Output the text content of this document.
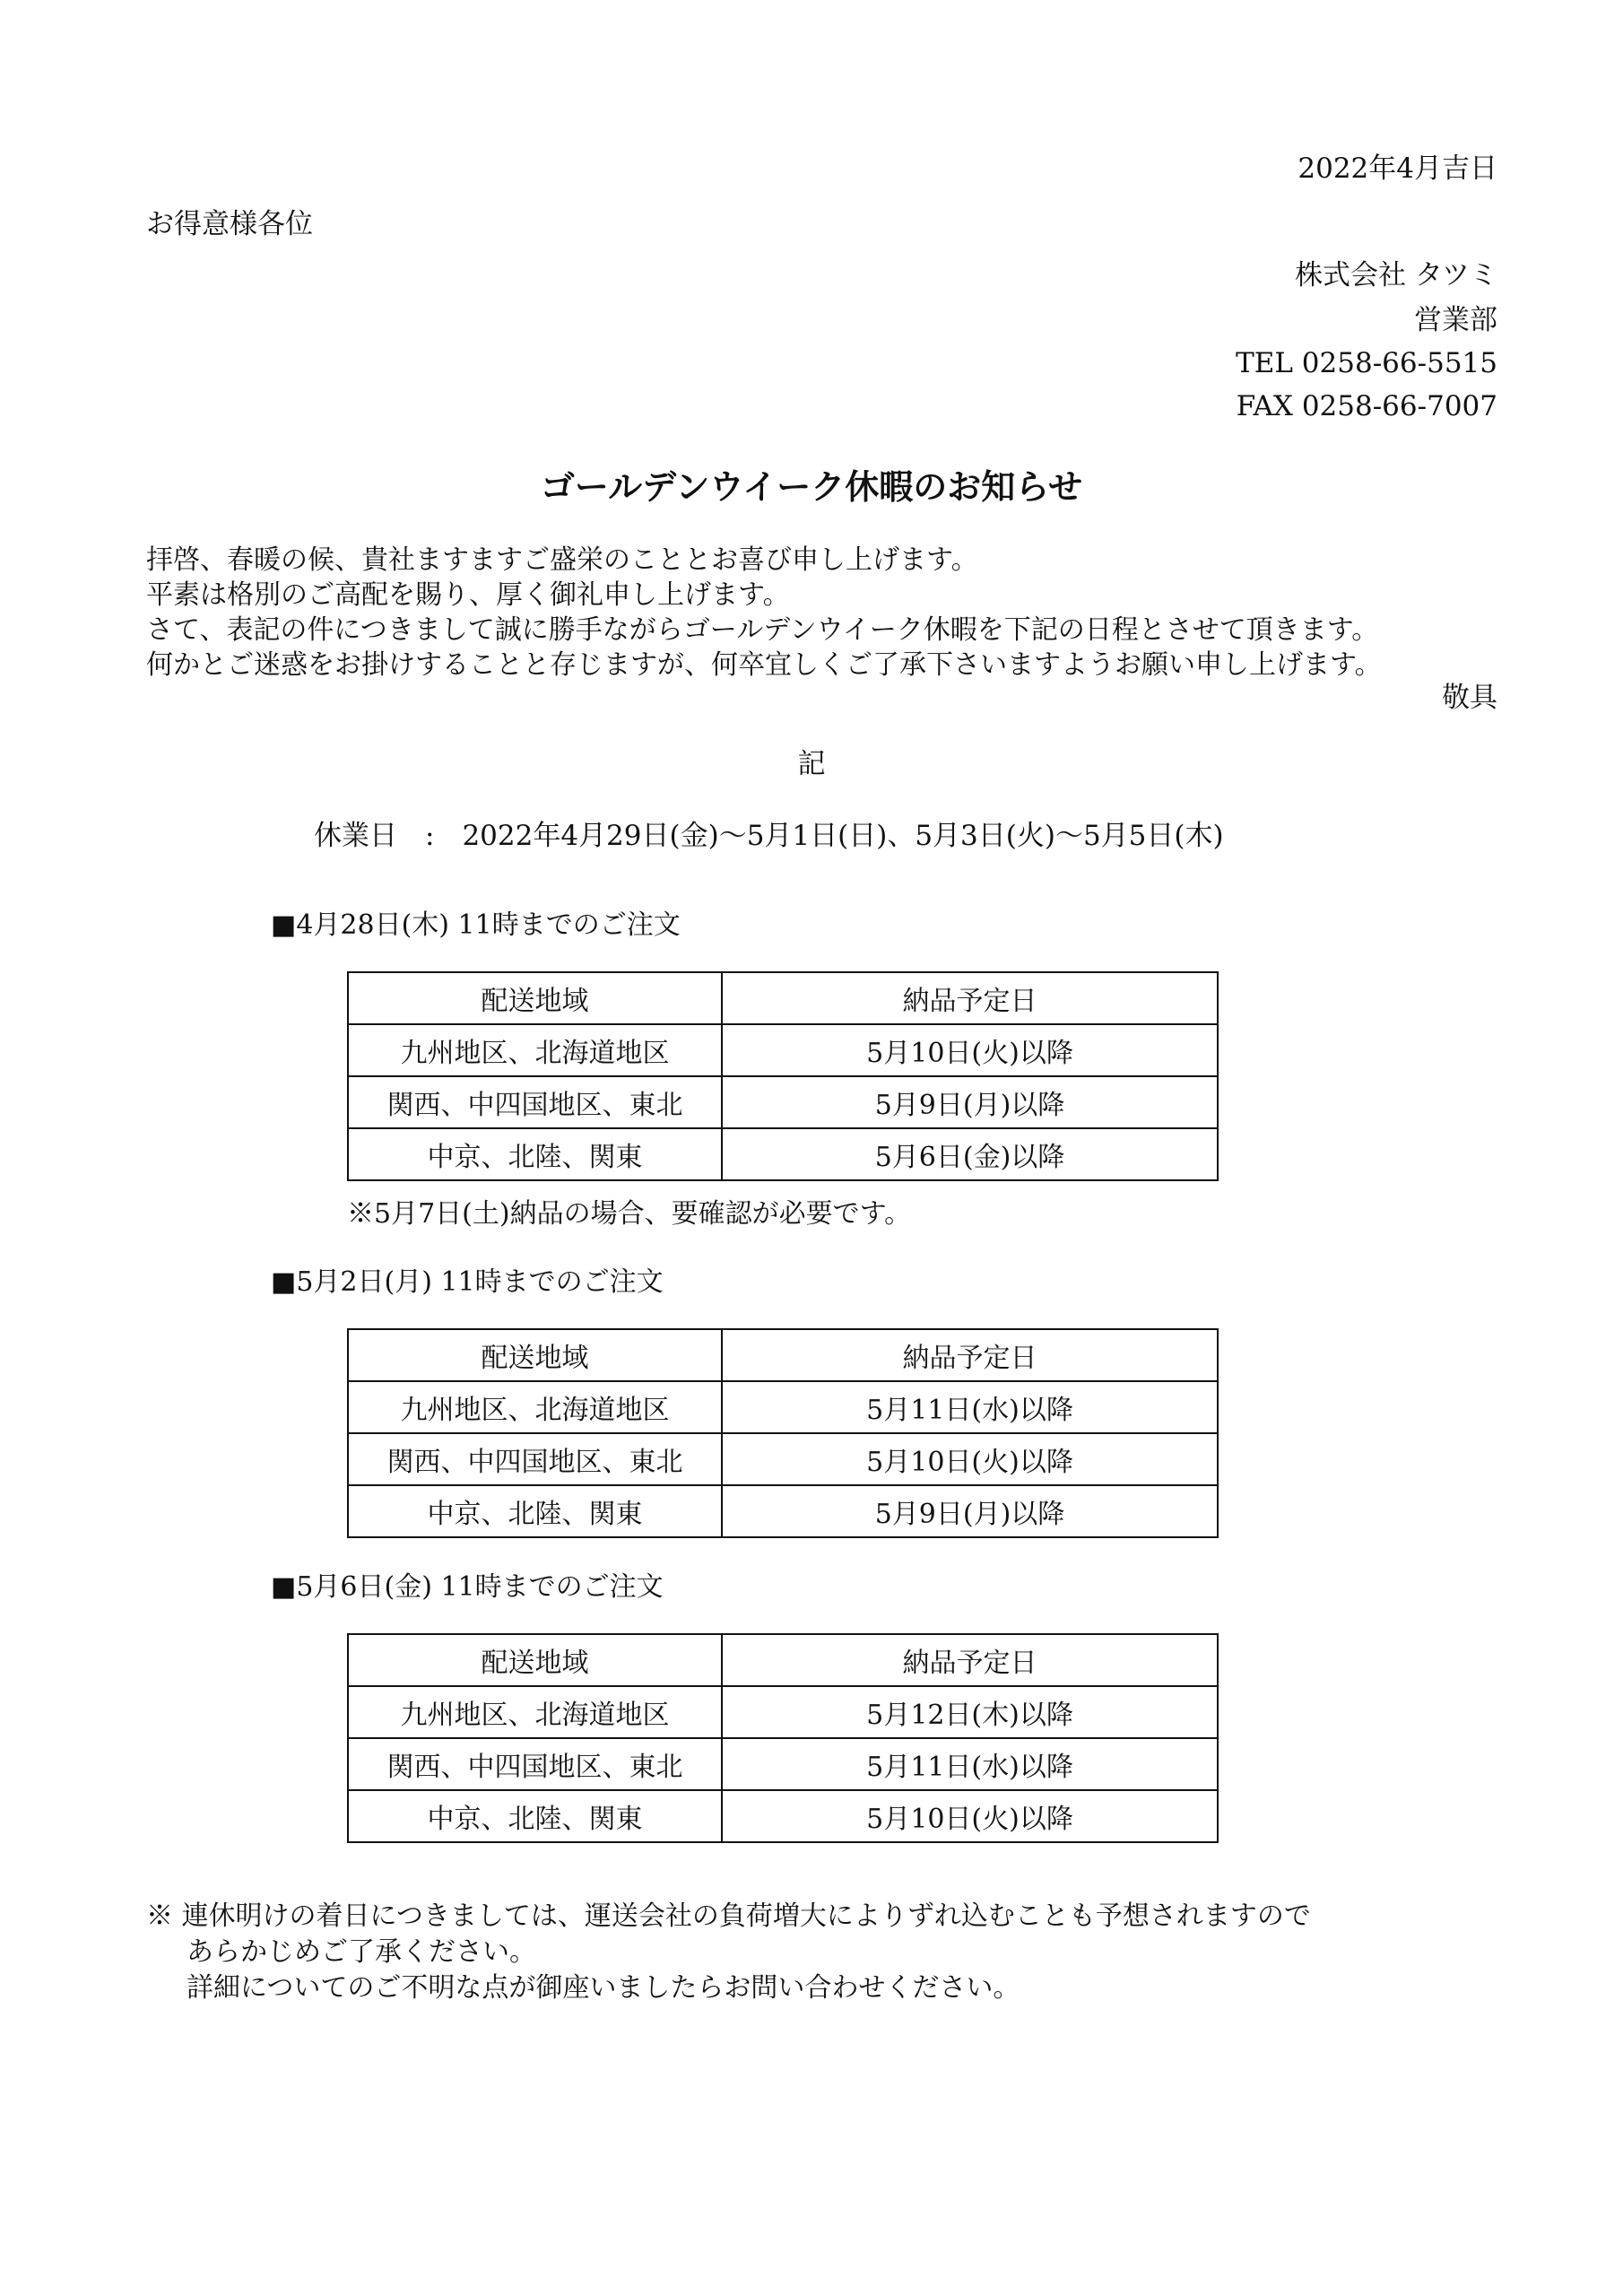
2022年4月吉日
お得意様各位
株式会社 タツミ
営業部
TEL 0258-66-5515
FAX 0258-66-7007
ゴールデンウイーク休暇のお知らせ
拝啓、春暖の候、貴社ますますご盛栄のこととお喜び申し上げます。
平素は格別のご高配を賜り、厚く御礼申し上げます。
さて、表記の件につきまして誠に勝手ながらゴールデンウイーク休暇を下記の日程とさせて頂きます。
何かとご迷惑をお掛けすることと存じますが、何卒宜しくご了承下さいますようお願い申し上げます。
敬具
記
休業日　:　2022年4月29日(金)～5月1日(日)、5月3日(火)～5月5日(木)
■4月28日(木) 11時までのご注文
配送地域	納品予定日
九州地区、北海道地区	5月10日(火)以降
関西、中四国地区、東北	5月9日(月)以降
中京、北陸、関東	5月6日(金)以降
※5月7日(土)納品の場合、要確認が必要です。
■5月2日(月) 11時までのご注文
配送地域	納品予定日
九州地区、北海道地区	5月11日(水)以降
関西、中四国地区、東北	5月10日(火)以降
中京、北陸、関東	5月9日(月)以降
■5月6日(金) 11時までのご注文
配送地域	納品予定日
九州地区、北海道地区	5月12日(木)以降
関西、中四国地区、東北	5月11日(水)以降
中京、北陸、関東	5月10日(火)以降
※ 連休明けの着日につきましては、運送会社の負荷増大によりずれ込むことも予想されますので
あらかじめご了承ください。
詳細についてのご不明な点が御座いましたらお問い合わせください。
